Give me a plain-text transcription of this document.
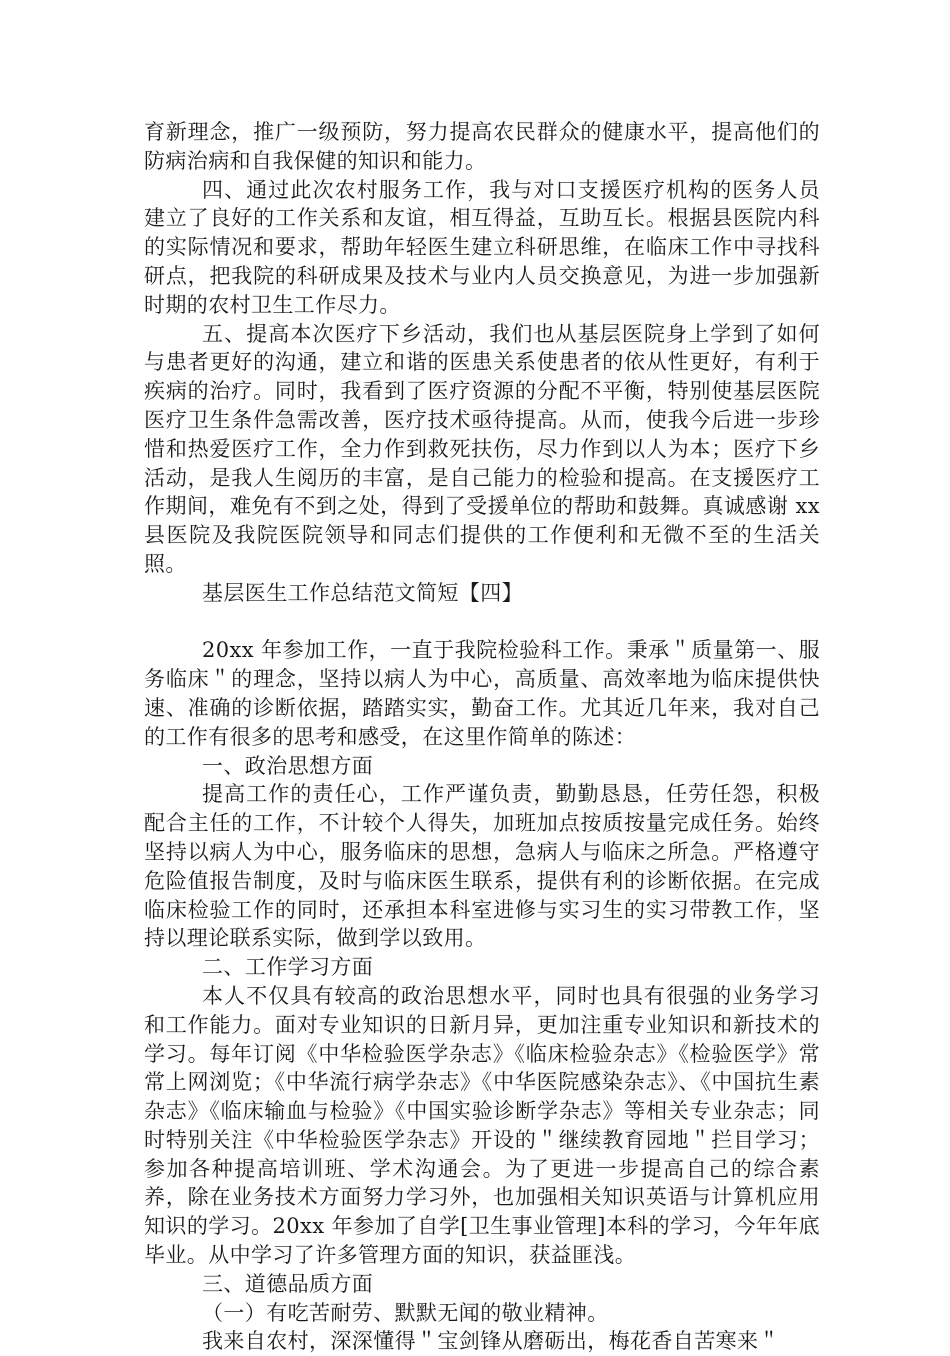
育新理念，推广一级预防，努力提高农民群众的健康水平，提高他们的防病治病和自我保健的知识和能力。

四、通过此次农村服务工作，我与对口支援医疗机构的医务人员建立了良好的工作关系和友谊，相互得益，互助互长。根据县医院内科的实际情况和要求，帮助年轻医生建立科研思维，在临床工作中寻找科研点，把我院的科研成果及技术与业内人员交换意见，为进一步加强新时期的农村卫生工作尽力。

五、提高本次医疗下乡活动，我们也从基层医院身上学到了如何与患者更好的沟通，建立和谐的医患关系使患者的依从性更好，有利于疾病的治疗。同时，我看到了医疗资源的分配不平衡，特别使基层医院医疗卫生条件急需改善，医疗技术亟待提高。从而，使我今后进一步珍惜和热爱医疗工作，全力作到救死扶伤，尽力作到以人为本；医疗下乡活动，是我人生阅历的丰富，是自己能力的检验和提高。在支援医疗工作期间，难免有不到之处，得到了受援单位的帮助和鼓舞。真诚感谢 xx 县医院及我院医院领导和同志们提供的工作便利和无微不至的生活关照。

基层医生工作总结范文简短【四】

20xx 年参加工作，一直于我院检验科工作。秉承＂质量第一、服务临床＂的理念，坚持以病人为中心，高质量、高效率地为临床提供快速、准确的诊断依据，踏踏实实，勤奋工作。尤其近几年来，我对自己的工作有很多的思考和感受，在这里作简单的陈述：

一、政治思想方面

提高工作的责任心，工作严谨负责，勤勤恳恳，任劳任怨，积极配合主任的工作，不计较个人得失，加班加点按质按量完成任务。始终坚持以病人为中心，服务临床的思想，急病人与临床之所急。严格遵守危险值报告制度，及时与临床医生联系，提供有利的诊断依据。在完成临床检验工作的同时，还承担本科室进修与实习生的实习带教工作，坚持以理论联系实际，做到学以致用。

二、工作学习方面

本人不仅具有较高的政治思想水平，同时也具有很强的业务学习和工作能力。面对专业知识的日新月异，更加注重专业知识和新技术的学习。每年订阅《中华检验医学杂志》《临床检验杂志》《检验医学》常常上网浏览；《中华流行病学杂志》《中华医院感染杂志》、《中国抗生素杂志》《临床输血与检验》《中国实验诊断学杂志》等相关专业杂志；同时特别关注《中华检验医学杂志》开设的＂继续教育园地＂拦目学习；参加各种提高培训班、学术沟通会。为了更进一步提高自己的综合素养，除在业务技术方面努力学习外，也加强相关知识英语与计算机应用知识的学习。20xx 年参加了自学[卫生事业管理]本科的学习，今年年底毕业。从中学习了许多管理方面的知识，获益匪浅。

三、道德品质方面

（一）有吃苦耐劳、默默无闻的敬业精神。

我来自农村，深深懂得＂宝剑锋从磨砺出，梅花香自苦寒来＂
